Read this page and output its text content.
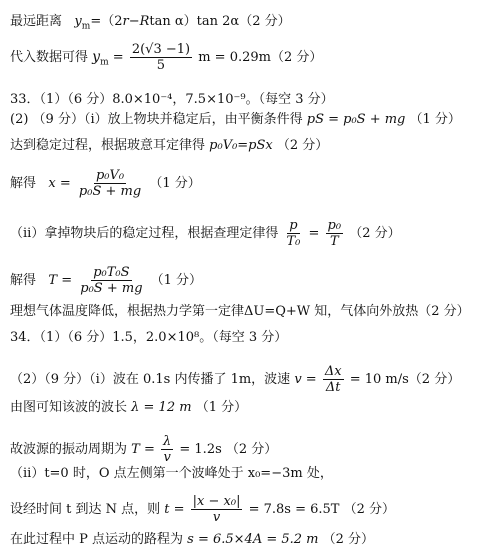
最远距离 $y_m=(2r-Rtan$ α）tan 2α（2 分）
代入数据可得 $y_m = \frac{2(√3 -1)}{5}$ m = 0.29m（2 分）
33．（1）（6 分）8.0×10⁻⁴，7.5×10⁻⁹。（每空 3 分）
(2) （9 分）（i）放上物块并稳定后，由平衡条件得 pS = p₀S + mg （1 分）
达到稳定过程，根据玻意耳定律得 p₀V₀=pSx （2 分）
解得 $x = \frac{\text{p₀V₀}}{\text{p₀S + mg}} (1$ 分）
（ii）拿掉物块后的稳定过程，根据查理定律得 $\frac{p}{\text{T₀}} = \frac{\text{p₀}}{T} (2$ 分）
解得 $T = \frac{\text{p₀T₀S}}{\text{p₀S + mg}} (1$ 分）
理想气体温度降低，根据热力学第一定律ΔU=Q+W 知，气体向外放热（2 分）
34．（1）（6 分）1.5，2.0×10⁸。（每空 3 分）
（2）（9 分）（i）波在 0.1s 内传播了 1m，波速 $v = \frac{\Delta x}{\Delta t} = 10$ m/s（2 分）
由图可知该波的波长 λ = 12 m （1 分）
故波源的振动周期为 $T = \frac{\lambda}{v} = 1.2s$ （2 分）
（ii）t=0 时，O 点左侧第一个波峰处于 x₀=−3m 处，
设经时间 t 到达 N 点，则 $t = \frac{\text{|x − x₀|}}{v} = 7.8s = 6.5T$ （2 分）
在此过程中 P 点运动的路程为 s = 6.5×4A = 5.2 m （2 分）
